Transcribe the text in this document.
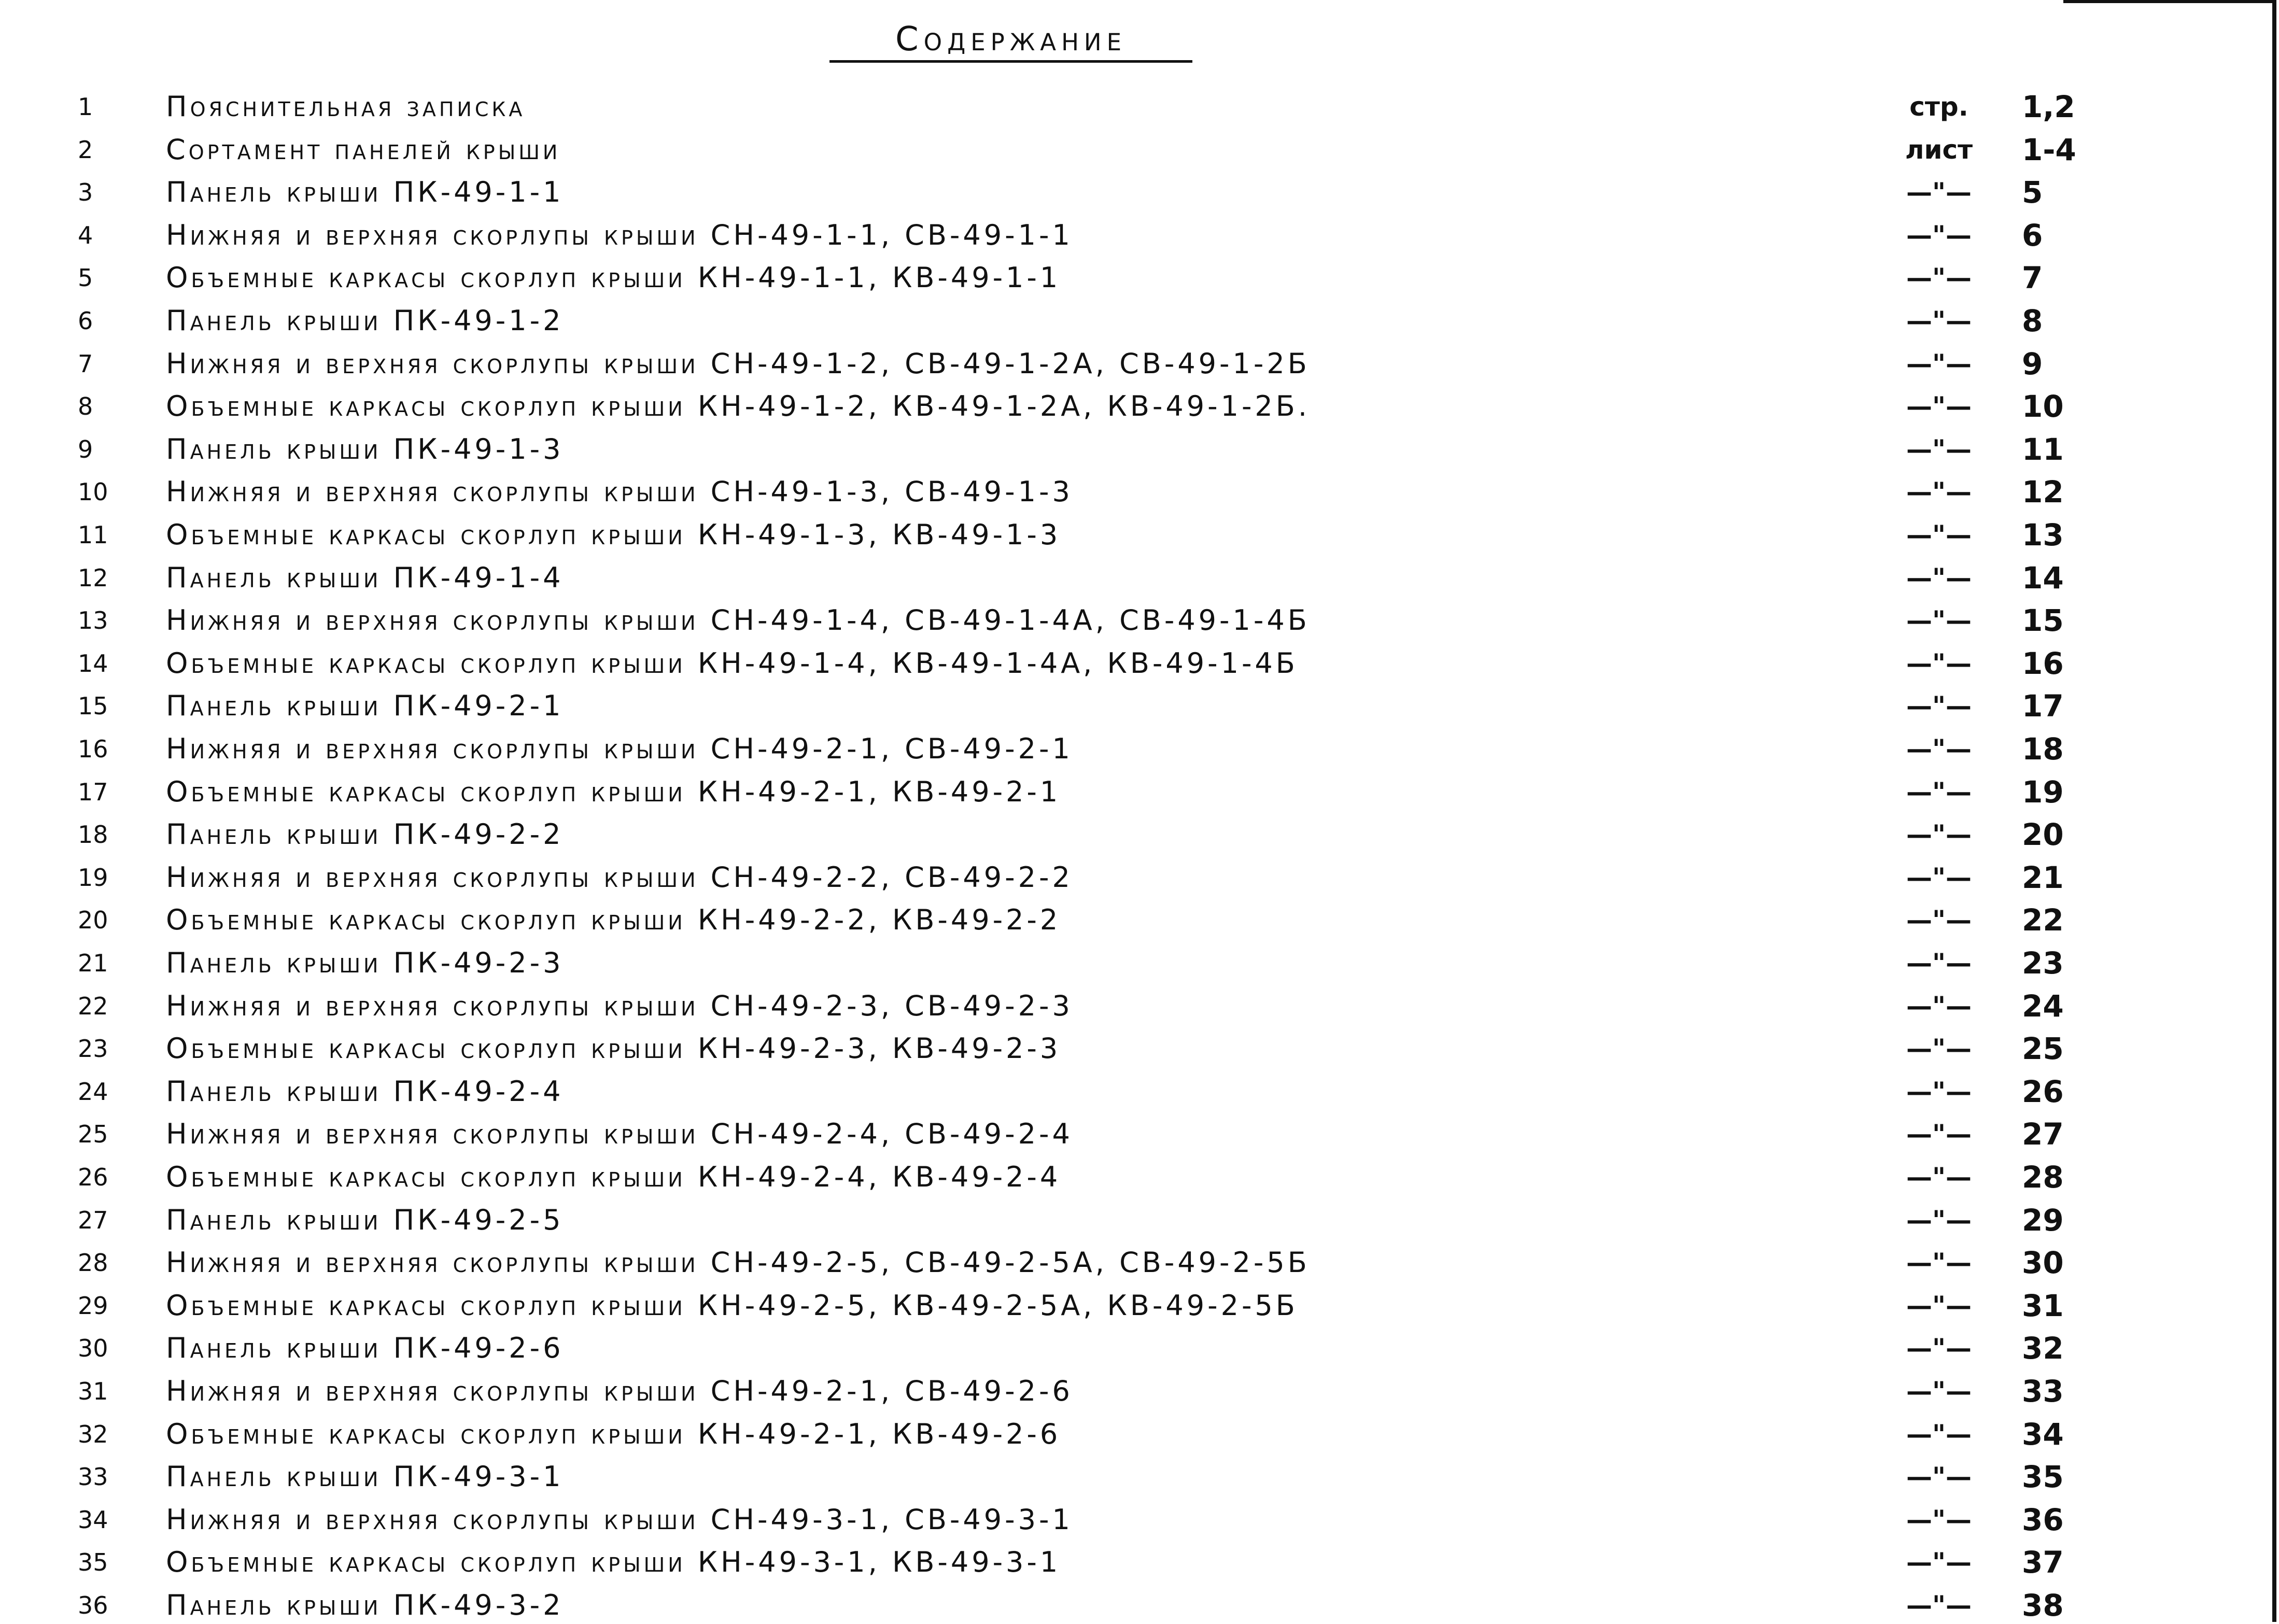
Содержание
1	Пояснительная записка	стр.	1,2
2	Сортамент панелей крыши	лист	1-4
3	Панель крыши ПК-49-1-1	—"—	5
4	Нижняя и верхняя скорлупы крыши СН-49-1-1, СВ-49-1-1	—"—	6
5	Объемные каркасы скорлуп крыши КН-49-1-1, КВ-49-1-1	—"—	7
6	Панель крыши ПК-49-1-2	—"—	8
7	Нижняя и верхняя скорлупы крыши СН-49-1-2, СВ-49-1-2А, СВ-49-1-2Б	—"—	9
8	Объемные каркасы скорлуп крыши КН-49-1-2, КВ-49-1-2А, КВ-49-1-2Б.	—"—	10
9	Панель крыши ПК-49-1-3	—"—	11
10	Нижняя и верхняя скорлупы крыши СН-49-1-3, СВ-49-1-3	—"—	12
11	Объемные каркасы скорлуп крыши КН-49-1-3, КВ-49-1-3	—"—	13
12	Панель крыши ПК-49-1-4	—"—	14
13	Нижняя и верхняя скорлупы крыши СН-49-1-4, СВ-49-1-4А, СВ-49-1-4Б	—"—	15
14	Объемные каркасы скорлуп крыши КН-49-1-4, КВ-49-1-4А, КВ-49-1-4Б	—"—	16
15	Панель крыши ПК-49-2-1	—"—	17
16	Нижняя и верхняя скорлупы крыши СН-49-2-1, СВ-49-2-1	—"—	18
17	Объемные каркасы скорлуп крыши КН-49-2-1, КВ-49-2-1	—"—	19
18	Панель крыши ПК-49-2-2	—"—	20
19	Нижняя и верхняя скорлупы крыши СН-49-2-2, СВ-49-2-2	—"—	21
20	Объемные каркасы скорлуп крыши КН-49-2-2, КВ-49-2-2	—"—	22
21	Панель крыши ПК-49-2-3	—"—	23
22	Нижняя и верхняя скорлупы крыши СН-49-2-3, СВ-49-2-3	—"—	24
23	Объемные каркасы скорлуп крыши КН-49-2-3, КВ-49-2-3	—"—	25
24	Панель крыши ПК-49-2-4	—"—	26
25	Нижняя и верхняя скорлупы крыши СН-49-2-4, СВ-49-2-4	—"—	27
26	Объемные каркасы скорлуп крыши КН-49-2-4, КВ-49-2-4	—"—	28
27	Панель крыши ПК-49-2-5	—"—	29
28	Нижняя и верхняя скорлупы крыши СН-49-2-5, СВ-49-2-5А, СВ-49-2-5Б	—"—	30
29	Объемные каркасы скорлуп крыши КН-49-2-5, КВ-49-2-5А, КВ-49-2-5Б	—"—	31
30	Панель крыши ПК-49-2-6	—"—	32
31	Нижняя и верхняя скорлупы крыши СН-49-2-1, СВ-49-2-6	—"—	33
32	Объемные каркасы скорлуп крыши КН-49-2-1, КВ-49-2-6	—"—	34
33	Панель крыши ПК-49-3-1	—"—	35
34	Нижняя и верхняя скорлупы крыши СН-49-3-1, СВ-49-3-1	—"—	36
35	Объемные каркасы скорлуп крыши КН-49-3-1, КВ-49-3-1	—"—	37
36	Панель крыши ПК-49-3-2	—"—	38
